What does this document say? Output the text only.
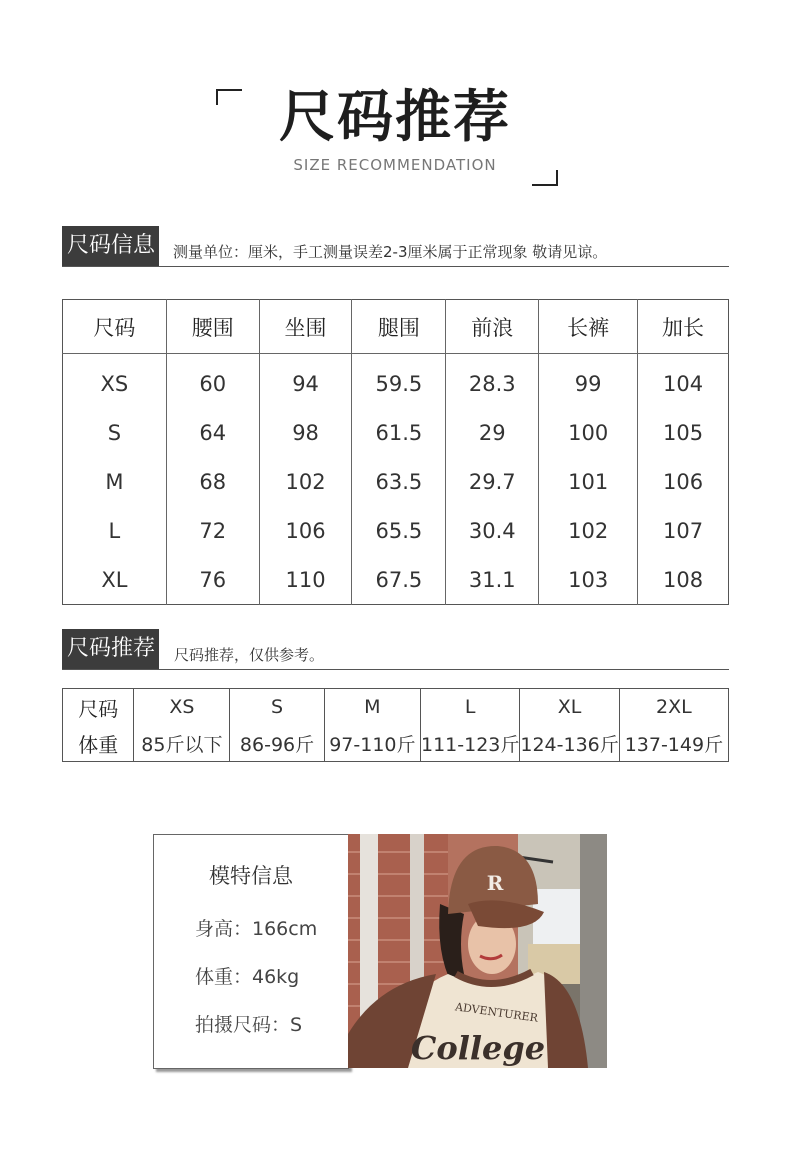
尺码推荐
SIZE RECOMMENDATION
尺码信息 测量单位：厘米，手工测量误差2-3厘米属于正常现象 敬请见谅。
尺码	腰围	坐围	腿围	前浪	长裤	加长
XS	60	94	59.5	28.3	99	104
S	64	98	61.5	29	100	105
M	68	102	63.5	29.7	101	106
L	72	106	65.5	30.4	102	107
XL	76	110	67.5	31.1	103	108
尺码推荐 尺码推荐，仅供参考。
尺码	XS	S	M	L	XL	2XL
体重	85斤以下	86-96斤	97-110斤	111-123斤	124-136斤	137-149斤
模特信息
身高：166cm
体重：46kg
拍摄尺码：S
R
ADVENTURER
College
